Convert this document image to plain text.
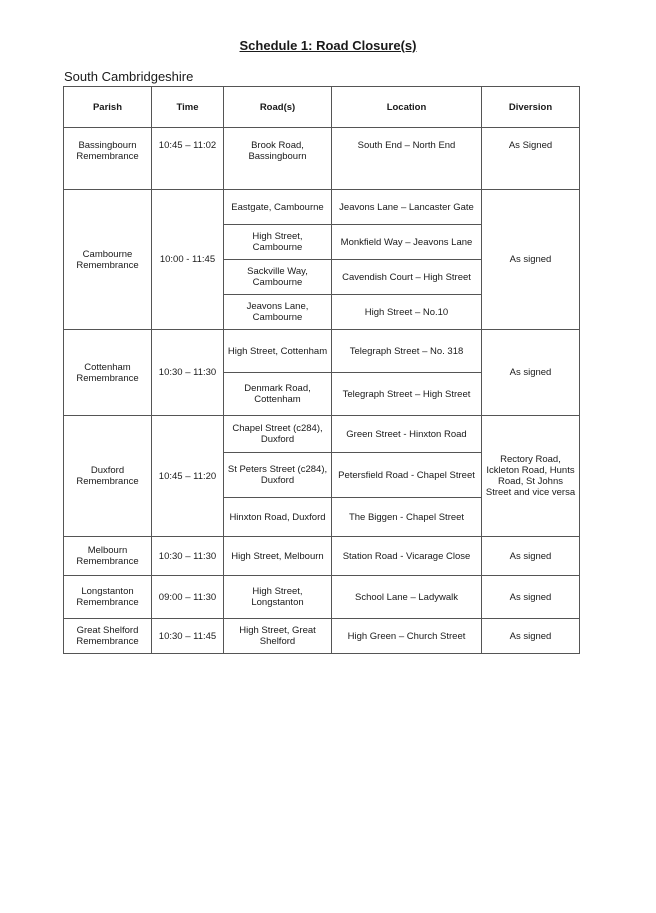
Schedule 1: Road Closure(s)
South Cambridgeshire
Parish	Time	Road(s)	Location	Diversion
Bassingbourn Remembrance	10:45 – 11:02	Brook Road, Bassingbourn	South End – North End	As Signed
Cambourne Remembrance	10:00 - 11:45	Eastgate, Cambourne	Jeavons Lane – Lancaster Gate	As signed
		High Street, Cambourne	Monkfield Way – Jeavons Lane	
		Sackville Way, Cambourne	Cavendish Court – High Street	
		Jeavons Lane, Cambourne	High Street – No.10	
Cottenham Remembrance	10:30 – 11:30	High Street, Cottenham	Telegraph Street – No. 318	As signed
		Denmark Road, Cottenham	Telegraph Street – High Street	
Duxford Remembrance	10:45 – 11:20	Chapel Street (c284), Duxford	Green Street - Hinxton Road	Rectory Road, Ickleton Road, Hunts Road, St Johns Street and vice versa
		St Peters Street (c284), Duxford	Petersfield Road - Chapel Street	
		Hinxton Road, Duxford	The Biggen - Chapel Street	
Melbourn Remembrance	10:30 – 11:30	High Street, Melbourn	Station Road - Vicarage Close	As signed
Longstanton Remembrance	09:00 – 11:30	High Street, Longstanton	School Lane – Ladywalk	As signed
Great Shelford Remembrance	10:30 – 11:45	High Street, Great Shelford	High Green – Church Street	As signed
